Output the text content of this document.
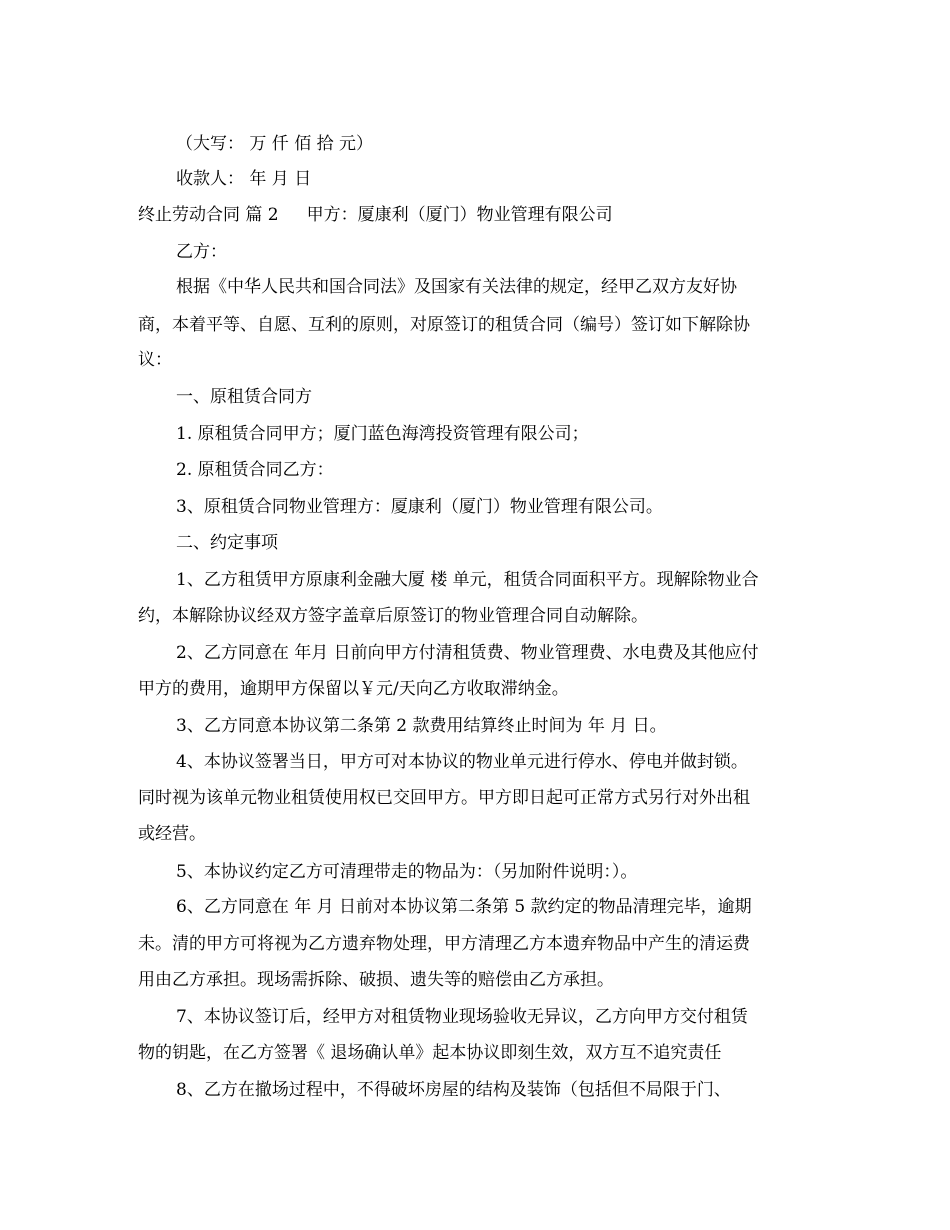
（大写： 万 仟 佰 拾 元）

收款人： 年 月 日

终止劳动合同 篇 2 甲方：厦康利（厦门）物业管理有限公司

乙方：

根据《中华人民共和国合同法》及国家有关法律的规定，经甲乙双方友好协

商，本着平等、自愿、互利的原则，对原签订的租赁合同（编号）签订如下解除协

议：

一、原租赁合同方

1. 原租赁合同甲方；厦门蓝色海湾投资管理有限公司；

2. 原租赁合同乙方：

3、原租赁合同物业管理方：厦康利（厦门）物业管理有限公司。

二、约定事项

1、乙方租赁甲方原康利金融大厦 楼 单元，租赁合同面积平方。现解除物业合

约，本解除协议经双方签字盖章后原签订的物业管理合同自动解除。

2、乙方同意在 年月 日前向甲方付清租赁费、物业管理费、水电费及其他应付

甲方的费用，逾期甲方保留以￥元/天向乙方收取滞纳金。

3、乙方同意本协议第二条第 2 款费用结算终止时间为 年 月 日。

4、本协议签署当日，甲方可对本协议的物业单元进行停水、停电并做封锁。

同时视为该单元物业租赁使用权已交回甲方。甲方即日起可正常方式另行对外出租

或经营。

5、本协议约定乙方可清理带走的物品为：（另加附件说明：）。

6、乙方同意在 年 月 日前对本协议第二条第 5 款约定的物品清理完毕，逾期

未。清的甲方可将视为乙方遗弃物处理，甲方清理乙方本遗弃物品中产生的清运费

用由乙方承担。现场需拆除、破损、遗失等的赔偿由乙方承担。

7、本协议签订后，经甲方对租赁物业现场验收无异议，乙方向甲方交付租赁

物的钥匙，在乙方签署《 退场确认单》起本协议即刻生效，双方互不追究责任

8、乙方在撤场过程中，不得破坏房屋的结构及装饰（包括但不局限于门、
